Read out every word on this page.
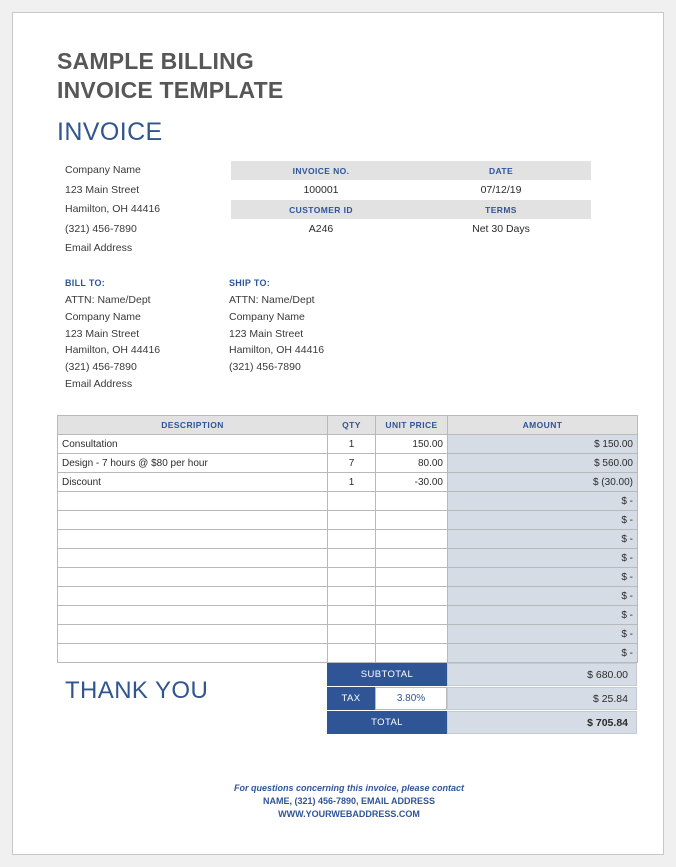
SAMPLE BILLING
INVOICE TEMPLATE
INVOICE
Company Name
123 Main Street
Hamilton, OH 44416
(321) 456-7890
Email Address
INVOICE NO.	DATE
100001	07/12/19

CUSTOMER ID	TERMS
A246	Net 30 Days
BILL TO:
ATTN: Name/Dept
Company Name
123 Main Street
Hamilton, OH 44416
(321) 456-7890
Email Address
SHIP TO:
ATTN: Name/Dept
Company Name
123 Main Street
Hamilton, OH 44416
(321) 456-7890
DESCRIPTION	QTY	UNIT PRICE	AMOUNT
Consultation	1	150.00	$ 150.00
Design - 7 hours @ $80 per hour	7	80.00	$ 560.00
Discount	1	-30.00	$ (30.00)
			$ -
			$ -
			$ -
			$ -
			$ -
			$ -
			$ -
			$ -
			$ -
THANK YOU
SUBTOTAL	$ 680.00
TAX	3.80%	$ 25.84
TOTAL	$ 705.84
For questions concerning this invoice, please contact
NAME, (321) 456-7890, EMAIL ADDRESS
WWW.YOURWEBADDRESS.COM
